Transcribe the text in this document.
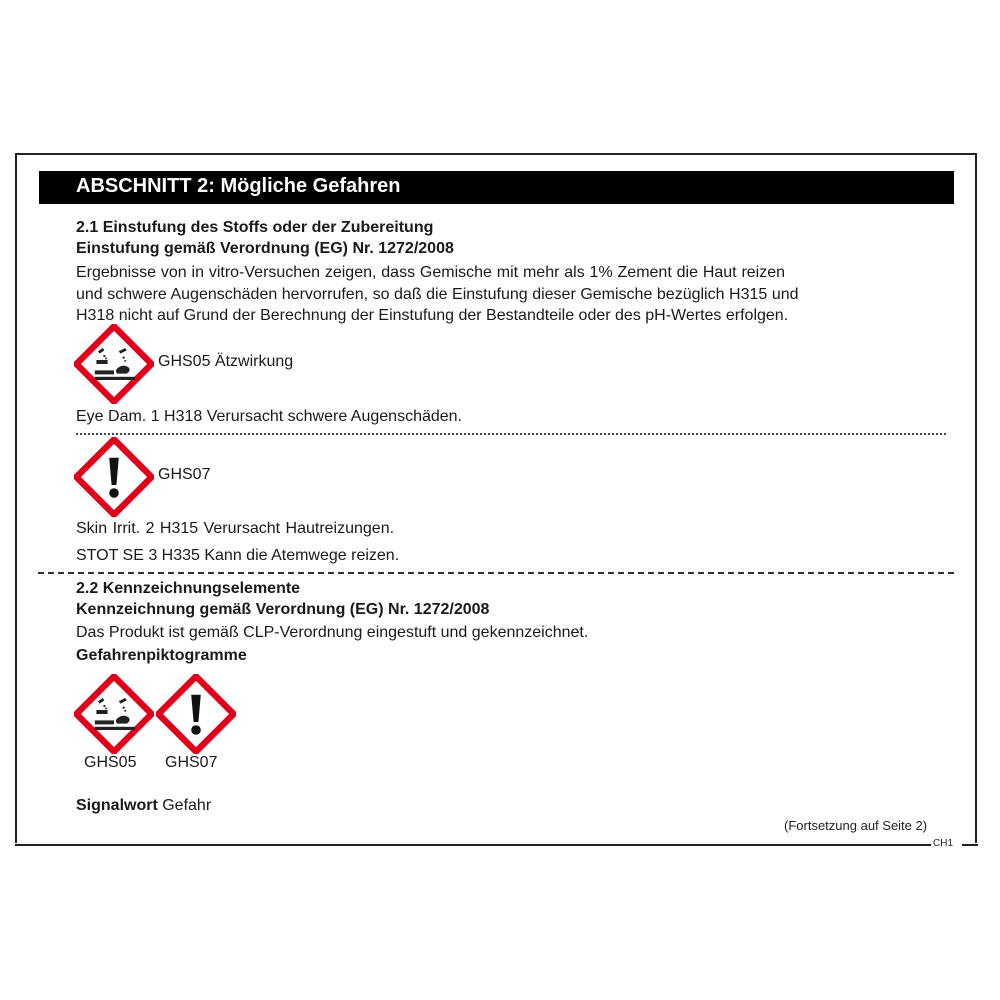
ABSCHNITT 2: Mögliche Gefahren
2.1 Einstufung des Stoffs oder der Zubereitung
Einstufung gemäß Verordnung (EG) Nr. 1272/2008
Ergebnisse von in vitro-Versuchen zeigen, dass Gemische mit mehr als 1% Zement die Haut reizen
und schwere Augenschäden hervorrufen, so daß die Einstufung dieser Gemische bezüglich H315 und
H318 nicht auf Grund der Berechnung der Einstufung der Bestandteile oder des pH-Wertes erfolgen.
GHS05 Ätzwirkung
Eye Dam. 1 H318 Verursacht schwere Augenschäden.
GHS07
Skin Irrit. 2 H315 Verursacht Hautreizungen.
STOT SE 3 H335 Kann die Atemwege reizen.
2.2 Kennzeichnungselemente
Kennzeichnung gemäß Verordnung (EG) Nr. 1272/2008
Das Produkt ist gemäß CLP-Verordnung eingestuft und gekennzeichnet.
Gefahrenpiktogramme
GHS05 GHS07
Signalwort Gefahr
(Fortsetzung auf Seite 2)
CH1
